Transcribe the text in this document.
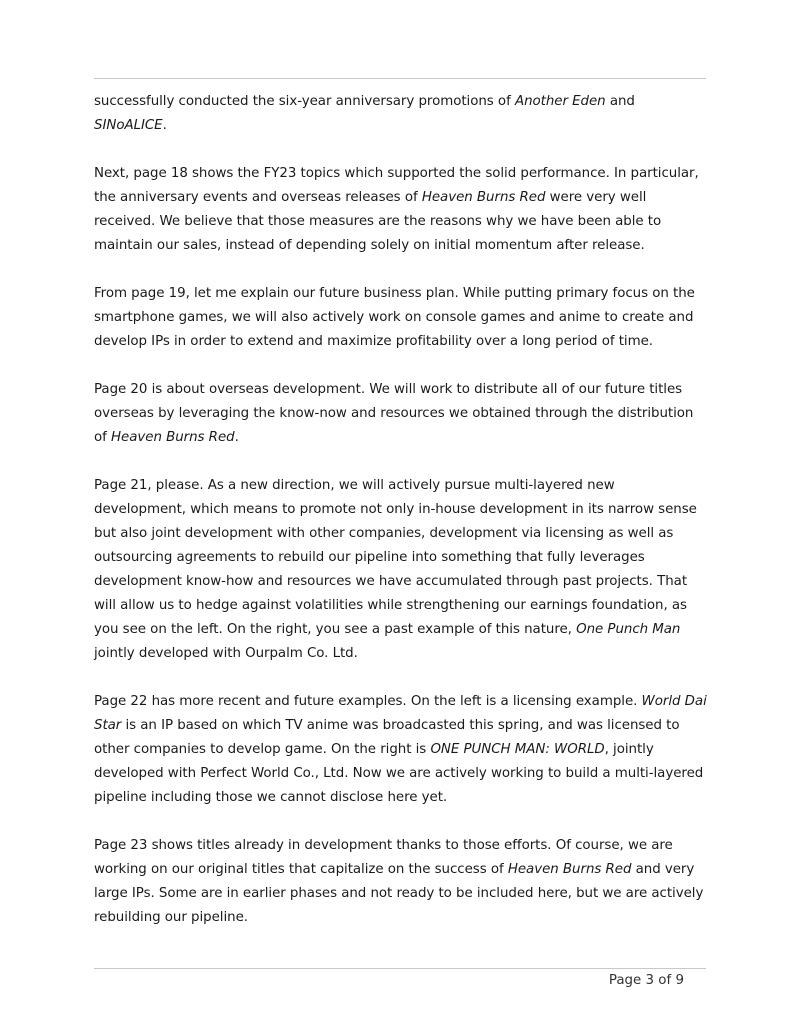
successfully conducted the six-year anniversary promotions of Another Eden and
SINoALICE.

Next, page 18 shows the FY23 topics which supported the solid performance. In particular, the anniversary events and overseas releases of Heaven Burns Red were very well received. We believe that those measures are the reasons why we have been able to maintain our sales, instead of depending solely on initial momentum after release.

From page 19, let me explain our future business plan. While putting primary focus on the smartphone games, we will also actively work on console games and anime to create and develop IPs in order to extend and maximize profitability over a long period of time.

Page 20 is about overseas development. We will work to distribute all of our future titles overseas by leveraging the know-now and resources we obtained through the distribution of Heaven Burns Red.

Page 21, please. As a new direction, we will actively pursue multi-layered new development, which means to promote not only in-house development in its narrow sense but also joint development with other companies, development via licensing as well as outsourcing agreements to rebuild our pipeline into something that fully leverages development know-how and resources we have accumulated through past projects. That will allow us to hedge against volatilities while strengthening our earnings foundation, as you see on the left. On the right, you see a past example of this nature, One Punch Man jointly developed with Ourpalm Co. Ltd.

Page 22 has more recent and future examples. On the left is a licensing example. World Dai Star is an IP based on which TV anime was broadcasted this spring, and was licensed to other companies to develop game. On the right is ONE PUNCH MAN: WORLD, jointly developed with Perfect World Co., Ltd. Now we are actively working to build a multi-layered pipeline including those we cannot disclose here yet.

Page 23 shows titles already in development thanks to those efforts. Of course, we are working on our original titles that capitalize on the success of Heaven Burns Red and very large IPs. Some are in earlier phases and not ready to be included here, but we are actively rebuilding our pipeline.

Page 3 of 9
